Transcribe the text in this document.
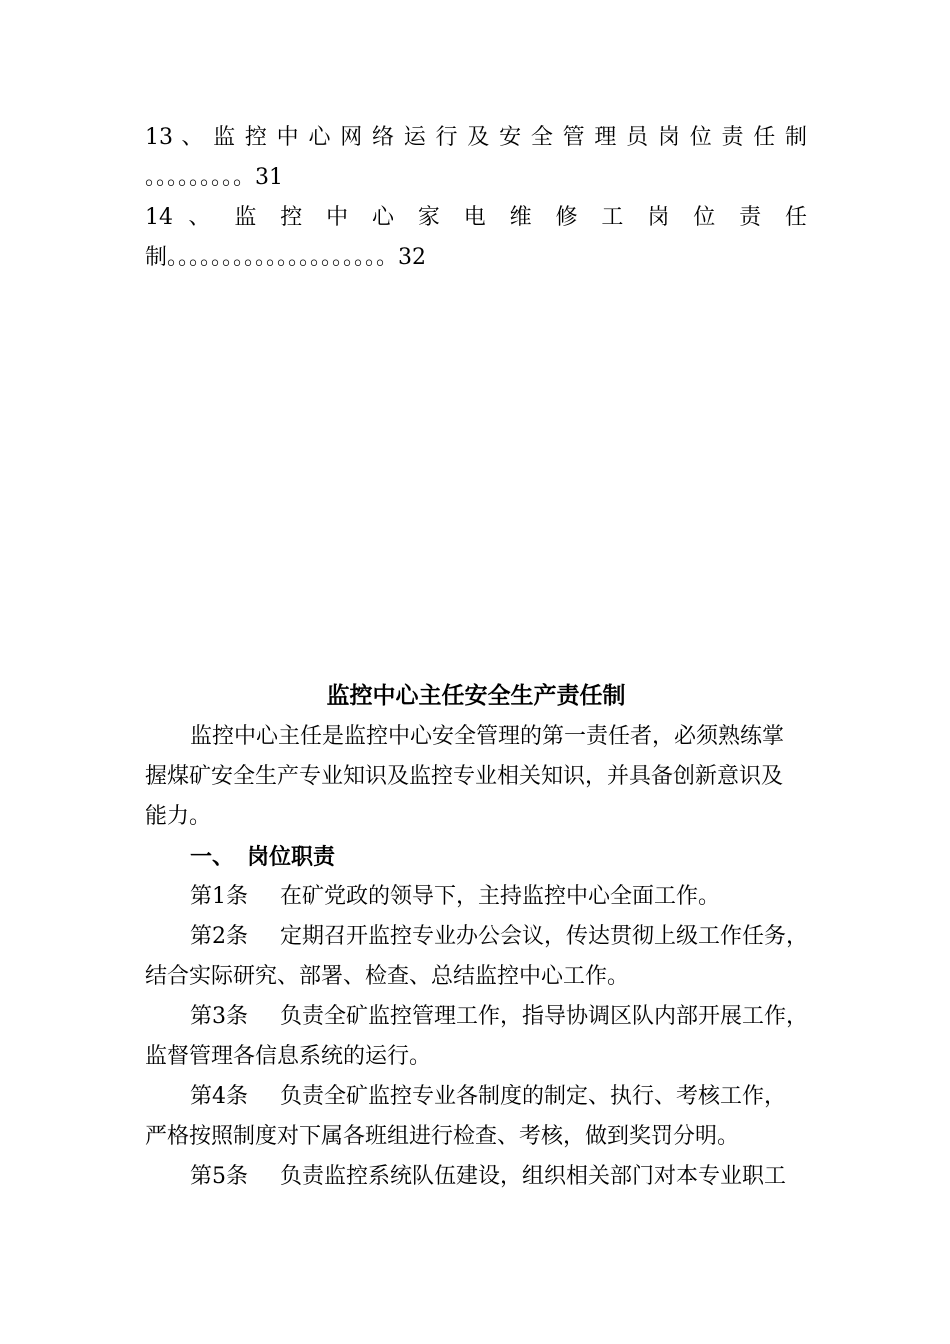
13 、 监 控 中 心 网 络 运 行 及 安 全 管 理 员 岗 位 责 任 制
。。。。。。。。。31
14 、 监 控 中 心 家 电 维 修 工 岗 位 责 任
制。。。。。。。。。。。。。。。。。。。。32
监控中心主任安全生产责任制
监控中心主任是监控中心安全管理的第一责任者，必须熟练掌
握煤矿安全生产专业知识及监控专业相关知识，并具备创新意识及
能力。
一、 岗位职责
第1条 在矿党政的领导下，主持监控中心全面工作。
第2条 定期召开监控专业办公会议，传达贯彻上级工作任务，
结合实际研究、部署、检查、总结监控中心工作。
第3条 负责全矿监控管理工作，指导协调区队内部开展工作，
监督管理各信息系统的运行。
第4条 负责全矿监控专业各制度的制定、执行、考核工作，
严格按照制度对下属各班组进行检查、考核，做到奖罚分明。
第5条 负责监控系统队伍建设，组织相关部门对本专业职工
